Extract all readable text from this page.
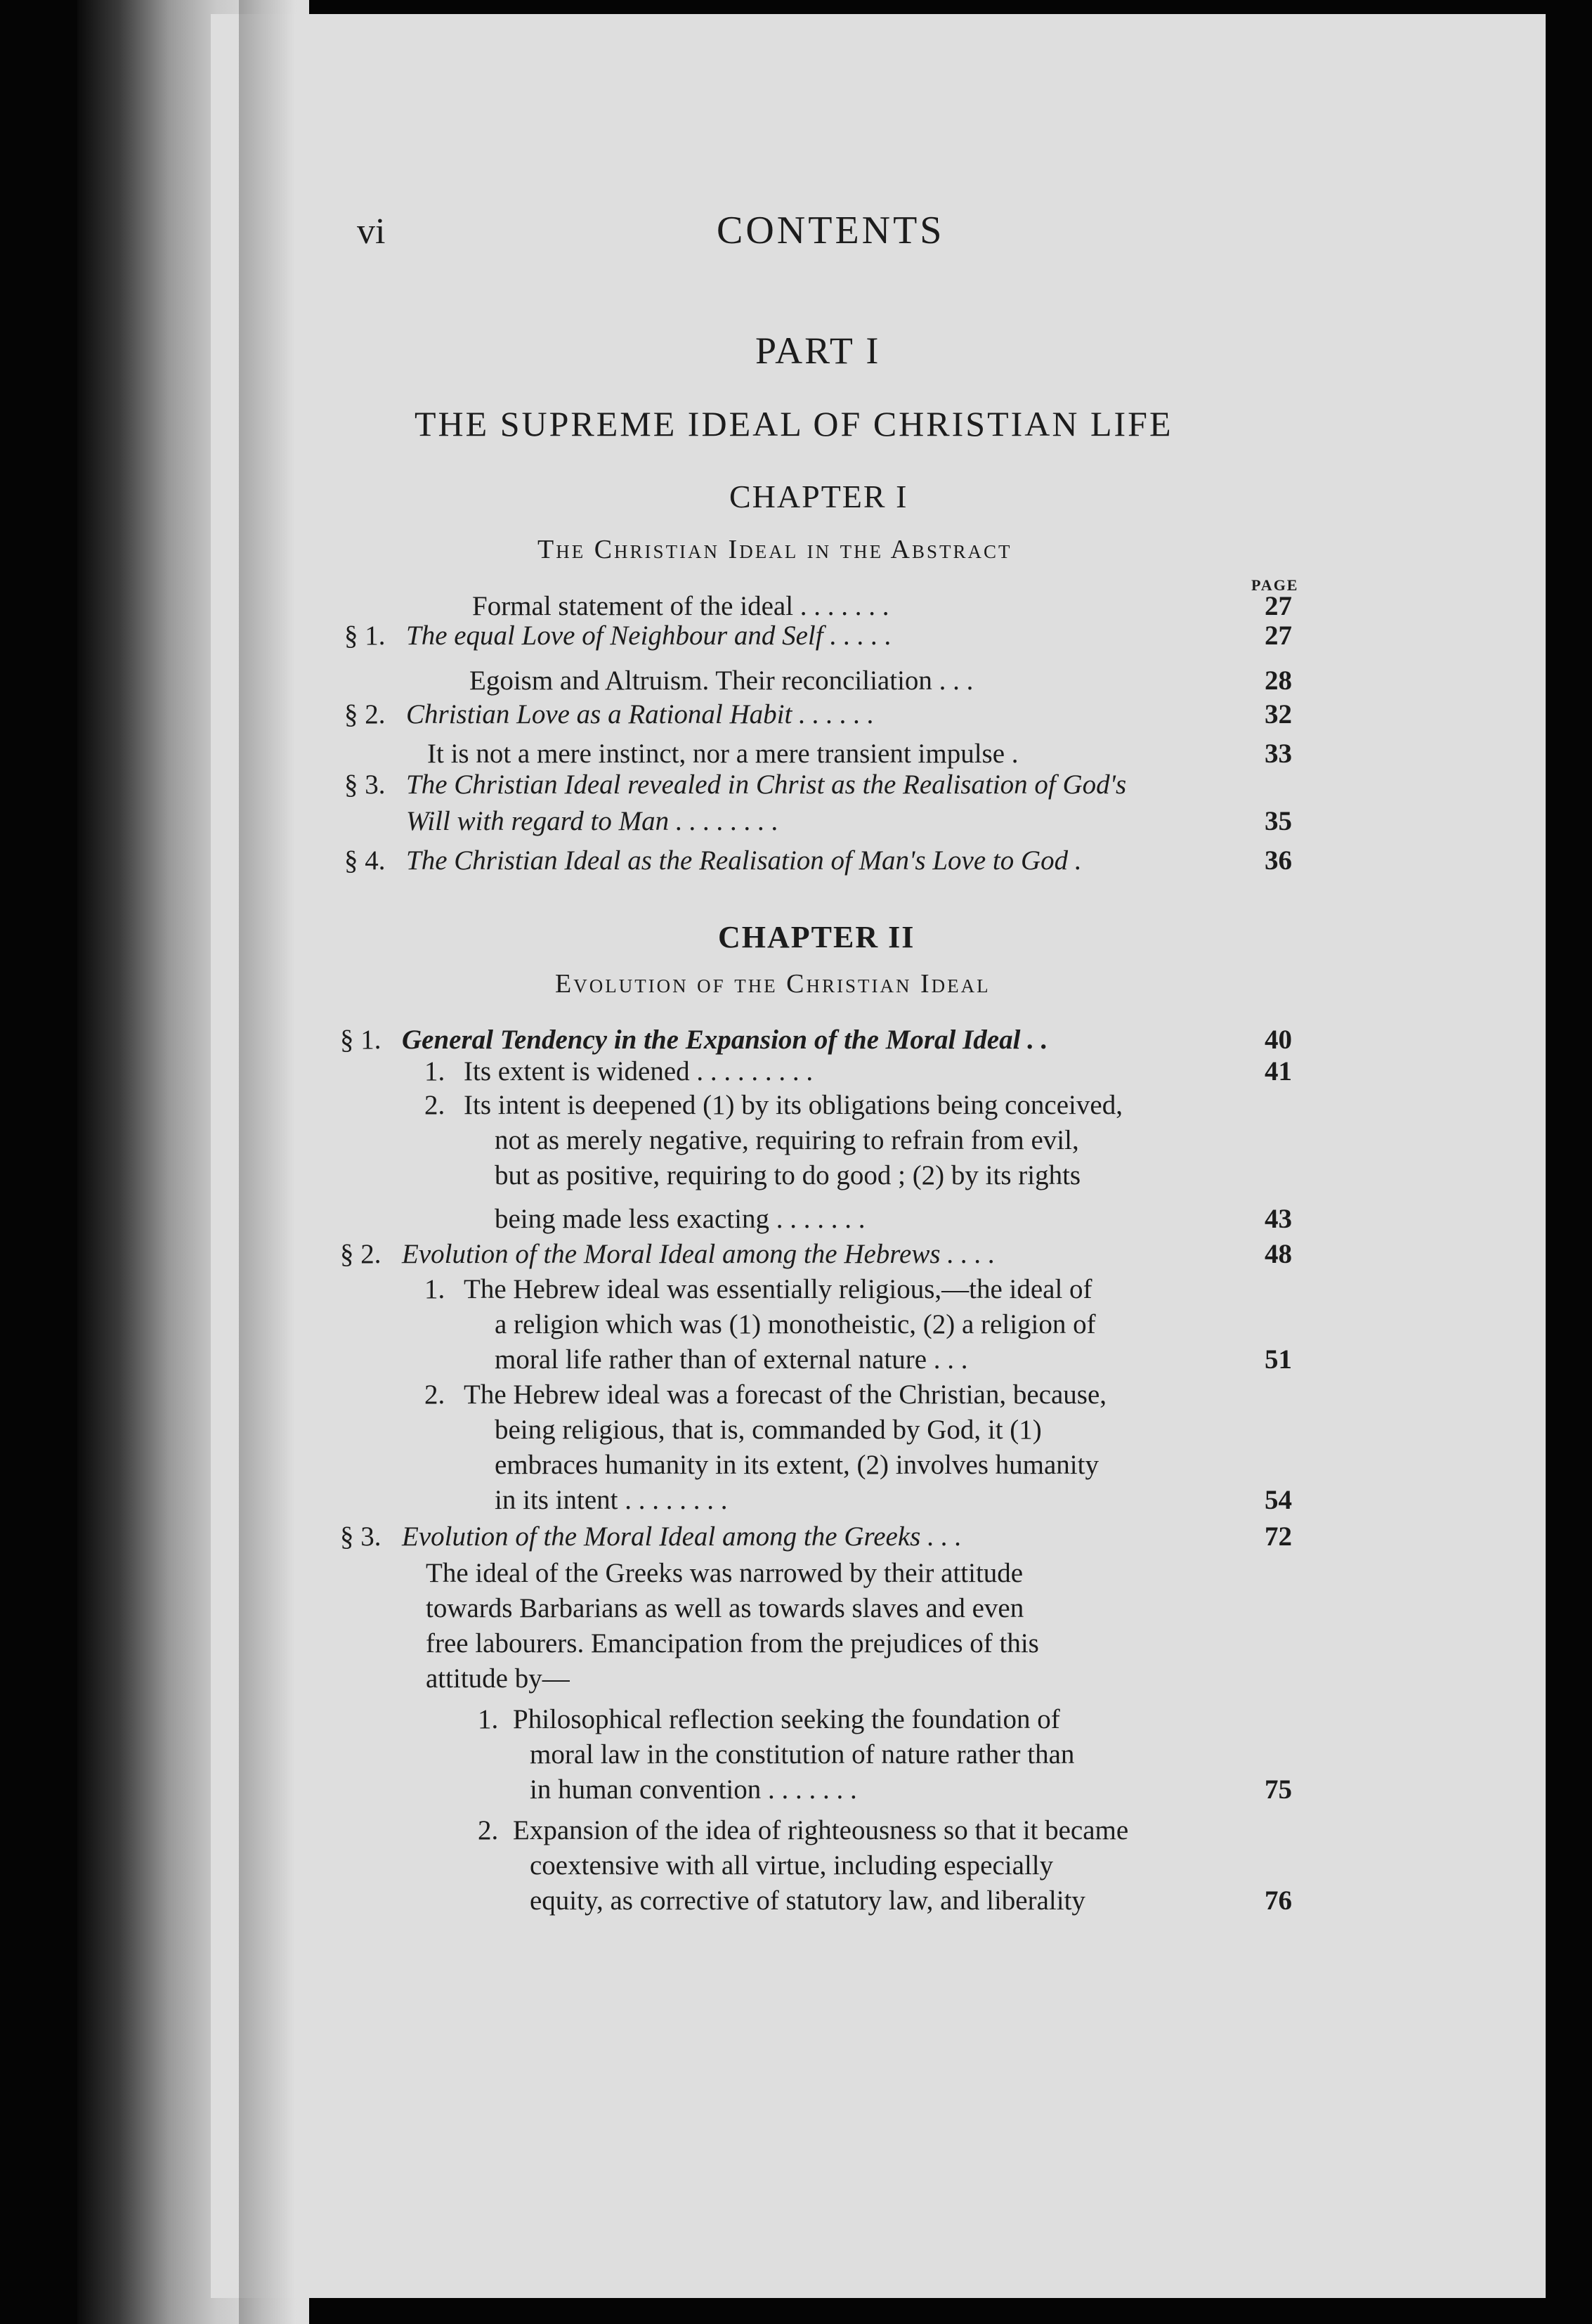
vi	CONTENTS
PART I
THE SUPREME IDEAL OF CHRISTIAN LIFE
CHAPTER I
The Christian Ideal in the Abstract
PAGE
Formal statement of the ideal . . . . . . .	27
§ 1. The equal Love of Neighbour and Self . . . . .	27
Egoism and Altruism. Their reconciliation . . .	28
§ 2. Christian Love as a Rational Habit . . . . . .	32
It is not a mere instinct, nor a mere transient impulse .	33
§ 3. The Christian Ideal revealed in Christ as the Realisation of God's
Will with regard to Man . . . . . . . .	35
§ 4. The Christian Ideal as the Realisation of Man's Love to God .	36
CHAPTER II
Evolution of the Christian Ideal
§ 1. General Tendency in the Expansion of the Moral Ideal . .	40
1. Its extent is widened . . . . . . . . .	41
2. Its intent is deepened (1) by its obligations being conceived,
not as merely negative, requiring to refrain from evil,
but as positive, requiring to do good ; (2) by its rights
being made less exacting . . . . . . .	43
§ 2. Evolution of the Moral Ideal among the Hebrews . . . .	48
1. The Hebrew ideal was essentially religious,—the ideal of
a religion which was (1) monotheistic, (2) a religion of
moral life rather than of external nature . . .	51
2. The Hebrew ideal was a forecast of the Christian, because,
being religious, that is, commanded by God, it (1)
embraces humanity in its extent, (2) involves humanity
in its intent . . . . . . . .	54
§ 3. Evolution of the Moral Ideal among the Greeks . . .	72
The ideal of the Greeks was narrowed by their attitude
towards Barbarians as well as towards slaves and even
free labourers. Emancipation from the prejudices of this
attitude by—
1. Philosophical reflection seeking the foundation of
moral law in the constitution of nature rather than
in human convention . . . . . . .	75
2. Expansion of the idea of righteousness so that it became
coextensive with all virtue, including especially
equity, as corrective of statutory law, and liberality	76
